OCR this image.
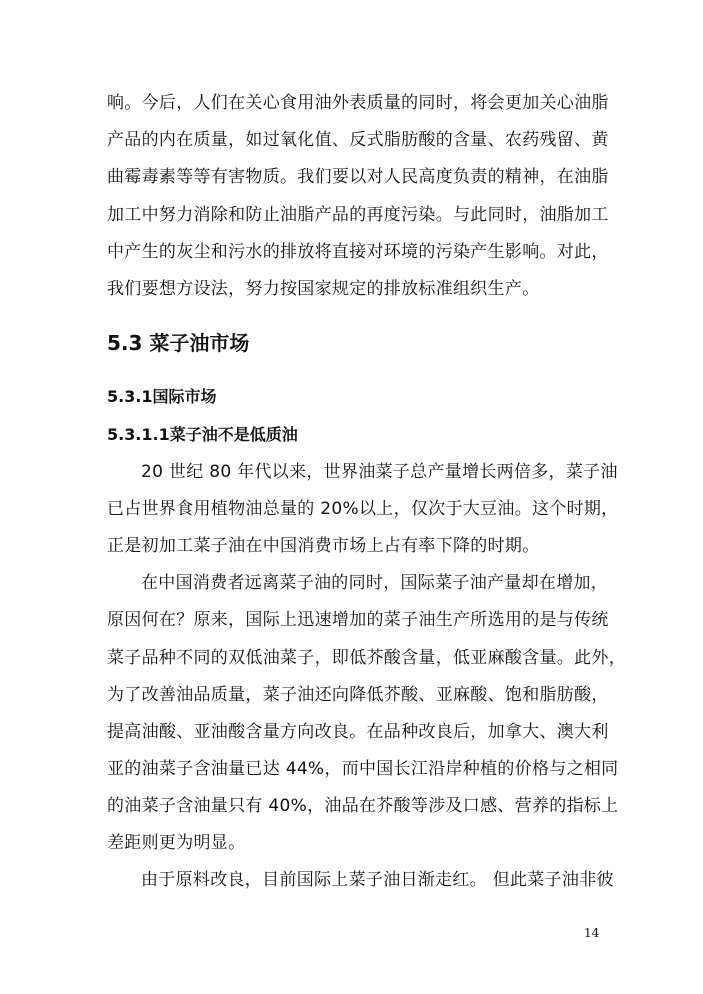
响。今后，人们在关心食用油外表质量的同时，将会更加关心油脂
产品的内在质量，如过氧化值、反式脂肪酸的含量、农药残留、黄
曲霉毒素等等有害物质。我们要以对人民高度负责的精神，在油脂
加工中努力消除和防止油脂产品的再度污染。与此同时，油脂加工
中产生的灰尘和污水的排放将直接对环境的污染产生影响。对此，
我们要想方设法，努力按国家规定的排放标准组织生产。
5.3 菜子油市场
5.3.1国际市场
5.3.1.1菜子油不是低质油
20 世纪 80 年代以来，世界油菜子总产量增长两倍多，菜子油
已占世界食用植物油总量的 20%以上，仅次于大豆油。这个时期，
正是初加工菜子油在中国消费市场上占有率下降的时期。
在中国消费者远离菜子油的同时，国际菜子油产量却在增加，
原因何在？原来，国际上迅速增加的菜子油生产所选用的是与传统
菜子品种不同的双低油菜子，即低芥酸含量，低亚麻酸含量。此外，
为了改善油品质量，菜子油还向降低芥酸、亚麻酸、饱和脂肪酸，
提高油酸、亚油酸含量方向改良。在品种改良后，加拿大、澳大利
亚的油菜子含油量已达 44%，而中国长江沿岸种植的价格与之相同
的油菜子含油量只有 40%，油品在芥酸等涉及口感、营养的指标上
差距则更为明显。
由于原料改良，目前国际上菜子油日渐走红。 但此菜子油非彼
14
